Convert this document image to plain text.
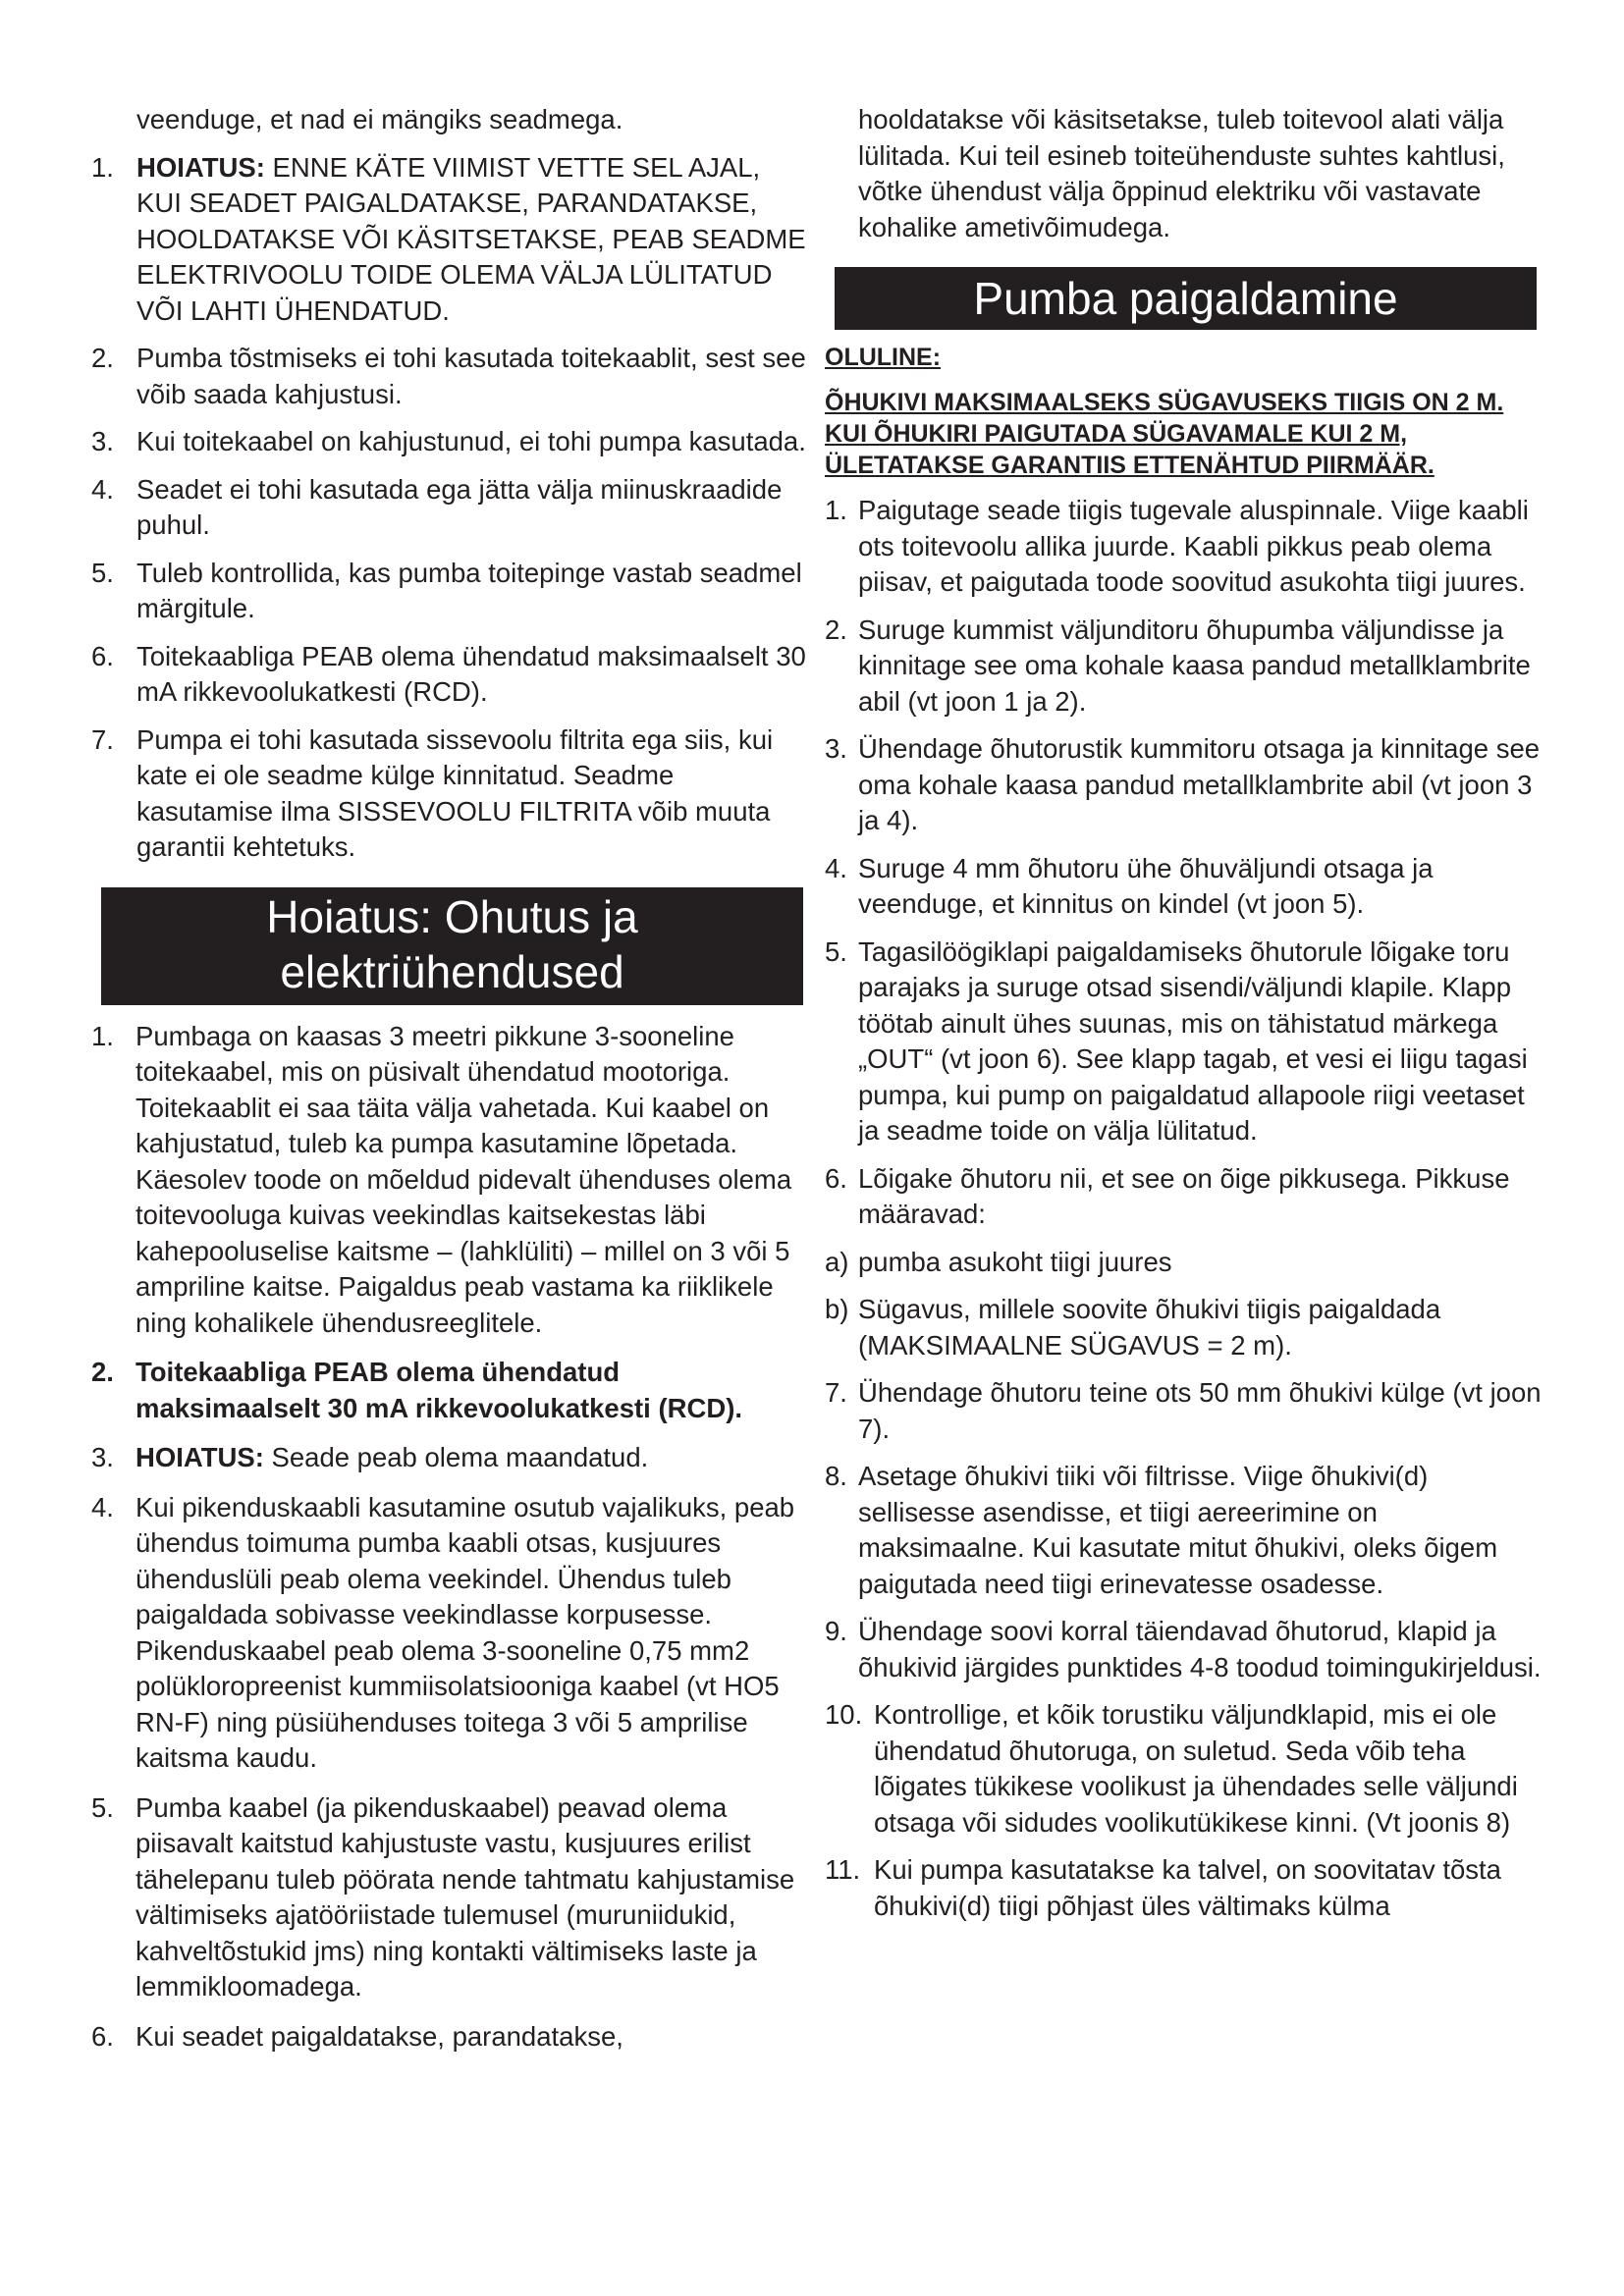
veenduge, et nad ei mängiks seadmega.

1. HOIATUS: ENNE KÄTE VIIMIST VETTE SEL AJAL, KUI SEADET PAIGALDATAKSE, PARANDATAKSE, HOOLDATAKSE VÕI KÄSITSETAKSE, PEAB SEADME ELEKTRIVOOLU TOIDE OLEMA VÄLJA LÜLITATUD VÕI LAHTI ÜHENDATUD.
2. Pumba tõstmiseks ei tohi kasutada toitekaablit, sest see võib saada kahjustusi.
3. Kui toitekaabel on kahjustunud, ei tohi pumpa kasutada.
4. Seadet ei tohi kasutada ega jätta välja miinuskraadide puhul.
5. Tuleb kontrollida, kas pumba toitepinge vastab seadmel märgitule.
6. Toitekaabliga PEAB olema ühendatud maksimaalselt 30 mA rikkevoolukatkesti (RCD).
7. Pumpa ei tohi kasutada sissevoolu filtrita ega siis, kui kate ei ole seadme külge kinnitatud. Seadme kasutamise ilma SISSEVOOLU FILTRITA võib muuta garantii kehtetuks.
Hoiatus: Ohutus ja elektriühendused
1. Pumbaga on kaasas 3 meetri pikkune 3-sooneline toitekaabel, mis on püsivalt ühendatud mootoriga. Toitekaablit ei saa täita välja vahetada. Kui kaabel on kahjustatud, tuleb ka pumpa kasutamine lõpetada. Käesolev toode on mõeldud pidevalt ühenduses olema toitevooluga kuivas veekindlas kaitsekestas läbi kahepooluselise kaitsme – (lahklüliti) – millel on 3 või 5 ampriline kaitse. Paigaldus peab vastama ka riiklikele ning kohalikele ühendusreeglitele.
2. Toitekaabliga PEAB olema ühendatud maksimaalselt 30 mA rikkevoolukatkesti (RCD).
3. HOIATUS: Seade peab olema maandatud.
4. Kui pikenduskaabli kasutamine osutub vajalikuks, peab ühendus toimuma pumba kaabli otsas, kusjuures ühenduslüli peab olema veekindel. Ühendus tuleb paigaldada sobivasse veekindlasse korpusesse. Pikenduskaabel peab olema 3-sooneline 0,75 mm2 polükloropreenist kummiisolatsiooniga kaabel (vt HO5 RN-F) ning püsiühenduses toitega 3 või 5 amprilise kaitsma kaudu.
5. Pumba kaabel (ja pikenduskaabel) peavad olema piisavalt kaitstud kahjustuste vastu, kusjuures erilist tähelepanu tuleb pöörata nende tahtmatu kahjustamise vältimiseks ajatööriistade tulemusel (muruniidukid, kahveltõstukid jms) ning kontakti vältimiseks laste ja lemmikloomadega.
6. Kui seadet paigaldatakse, parandatakse,

hooldatakse või käsitsetakse, tuleb toitevool alati välja lülitada. Kui teil esineb toiteühenduste suhtes kahtlusi, võtke ühendust välja õppinud elektriku või vastavate kohalike ametivõimudega.

Pumba paigaldamine

OLULINE:

ÕHUKIVI MAKSIMAALSEKS SÜGAVUSEKS TIIGIS ON 2 M. KUI ÕHUKIRI PAIGUTADA SÜGAVAMALE KUI 2 M, ÜLETATAKSE GARANTIIS ETTENÄHTUD PIIRMÄÄR.

1. Paigutage seade tiigis tugevale aluspinnale. Viige kaabli ots toitevoolu allika juurde. Kaabli pikkus peab olema piisav, et paigutada toode soovitud asukohta tiigi juures.
2. Suruge kummist väljunditoru õhupumba väljundisse ja kinnitage see oma kohale kaasa pandud metallklambrite abil (vt joon 1 ja 2).
3. Ühendage õhutorustik kummitoru otsaga ja kinnitage see oma kohale kaasa pandud metallklambrite abil (vt joon 3 ja 4).
4. Suruge 4 mm õhutoru ühe õhuväljundi otsaga ja veenduge, et kinnitus on kindel (vt joon 5).
5. Tagasilöögiklapi paigaldamiseks õhutorule lõigake toru parajaks ja suruge otsad sisendi/väljundi klapile. Klapp töötab ainult ühes suunas, mis on tähistatud märkega „OUT“ (vt joon 6). See klapp tagab, et vesi ei liigu tagasi pumpa, kui pump on paigaldatud allapoole riigi veetaset ja seadme toide on välja lülitatud.
6. Lõigake õhutoru nii, et see on õige pikkusega. Pikkuse määravad:
a) pumba asukoht tiigi juures
b) Sügavus, millele soovite õhukivi tiigis paigaldada (MAKSIMAALNE SÜGAVUS = 2 m).
7. Ühendage õhutoru teine ots 50 mm õhukivi külge (vt joon 7).
8. Asetage õhukivi tiiki või filtrisse. Viige õhukivi(d) sellisesse asendisse, et tiigi aereerimine on maksimaalne. Kui kasutate mitut õhukivi, oleks õigem paigutada need tiigi erinevatesse osadesse.
9. Ühendage soovi korral täiendavad õhutorud, klapid ja õhukivid järgides punktides 4-8 toodud toimingukirjeldusi.
10. Kontrollige, et kõik torustiku väljundklapid, mis ei ole ühendatud õhutoruga, on suletud. Seda võib teha lõigates tükikese voolikust ja ühendades selle väljundi otsaga või sidudes voolikutükikese kinni. (Vt joonis 8)
11. Kui pumpa kasutatakse ka talvel, on soovitatav tõsta õhukivi(d) tiigi põhjast üles vältimaks külma
